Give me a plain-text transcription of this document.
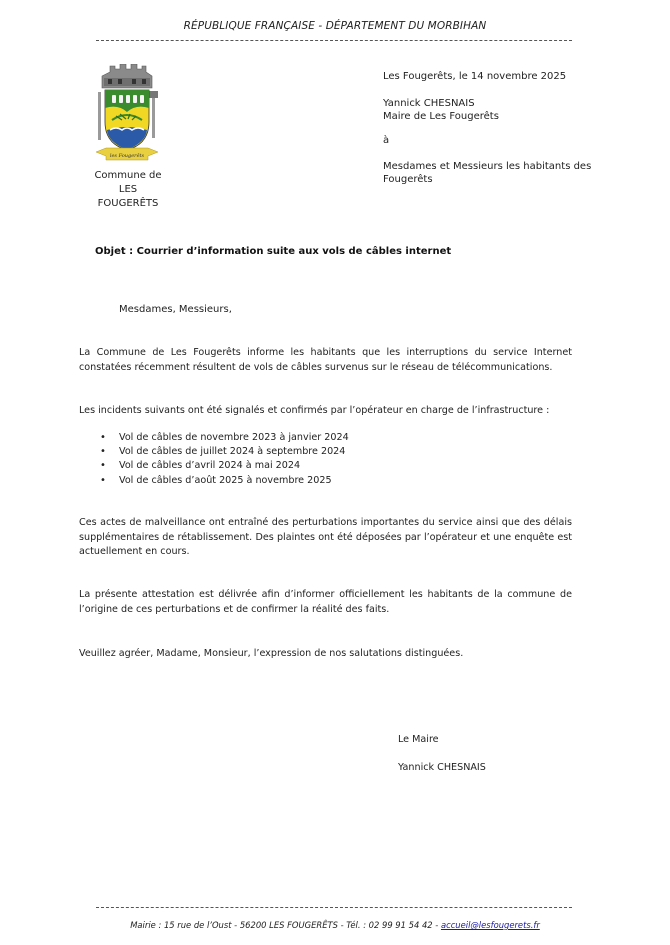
RÉPUBLIQUE FRANÇAISE - DÉPARTEMENT DU MORBIHAN
les Fougerêts
Commune de
LES FOUGERÊTS
Les Fougerêts, le 14 novembre 2025
Yannick CHESNAIS
Maire de Les Fougerêts
à
Mesdames et Messieurs les habitants des Fougerêts
Objet : Courrier d’information suite aux vols de câbles internet
Mesdames, Messieurs,
La Commune de Les Fougerêts informe les habitants que les interruptions du service Internet constatées récemment résultent de vols de câbles survenus sur le réseau de télécommunications.
Les incidents suivants ont été signalés et confirmés par l’opérateur en charge de l’infrastructure :
• Vol de câbles de novembre 2023 à janvier 2024
• Vol de câbles de juillet 2024 à septembre 2024
• Vol de câbles d’avril 2024 à mai 2024
• Vol de câbles d’août 2025 à novembre 2025
Ces actes de malveillance ont entraîné des perturbations importantes du service ainsi que des délais supplémentaires de rétablissement. Des plaintes ont été déposées par l’opérateur et une enquête est actuellement en cours.
La présente attestation est délivrée afin d’informer officiellement les habitants de la commune de l’origine de ces perturbations et de confirmer la réalité des faits.
Veuillez agréer, Madame, Monsieur, l’expression de nos salutations distinguées.
Le Maire
Yannick CHESNAIS
Mairie : 15 rue de l’Oust - 56200 LES FOUGERÊTS - Tél. : 02 99 91 54 42 - accueil@lesfougerets.fr
